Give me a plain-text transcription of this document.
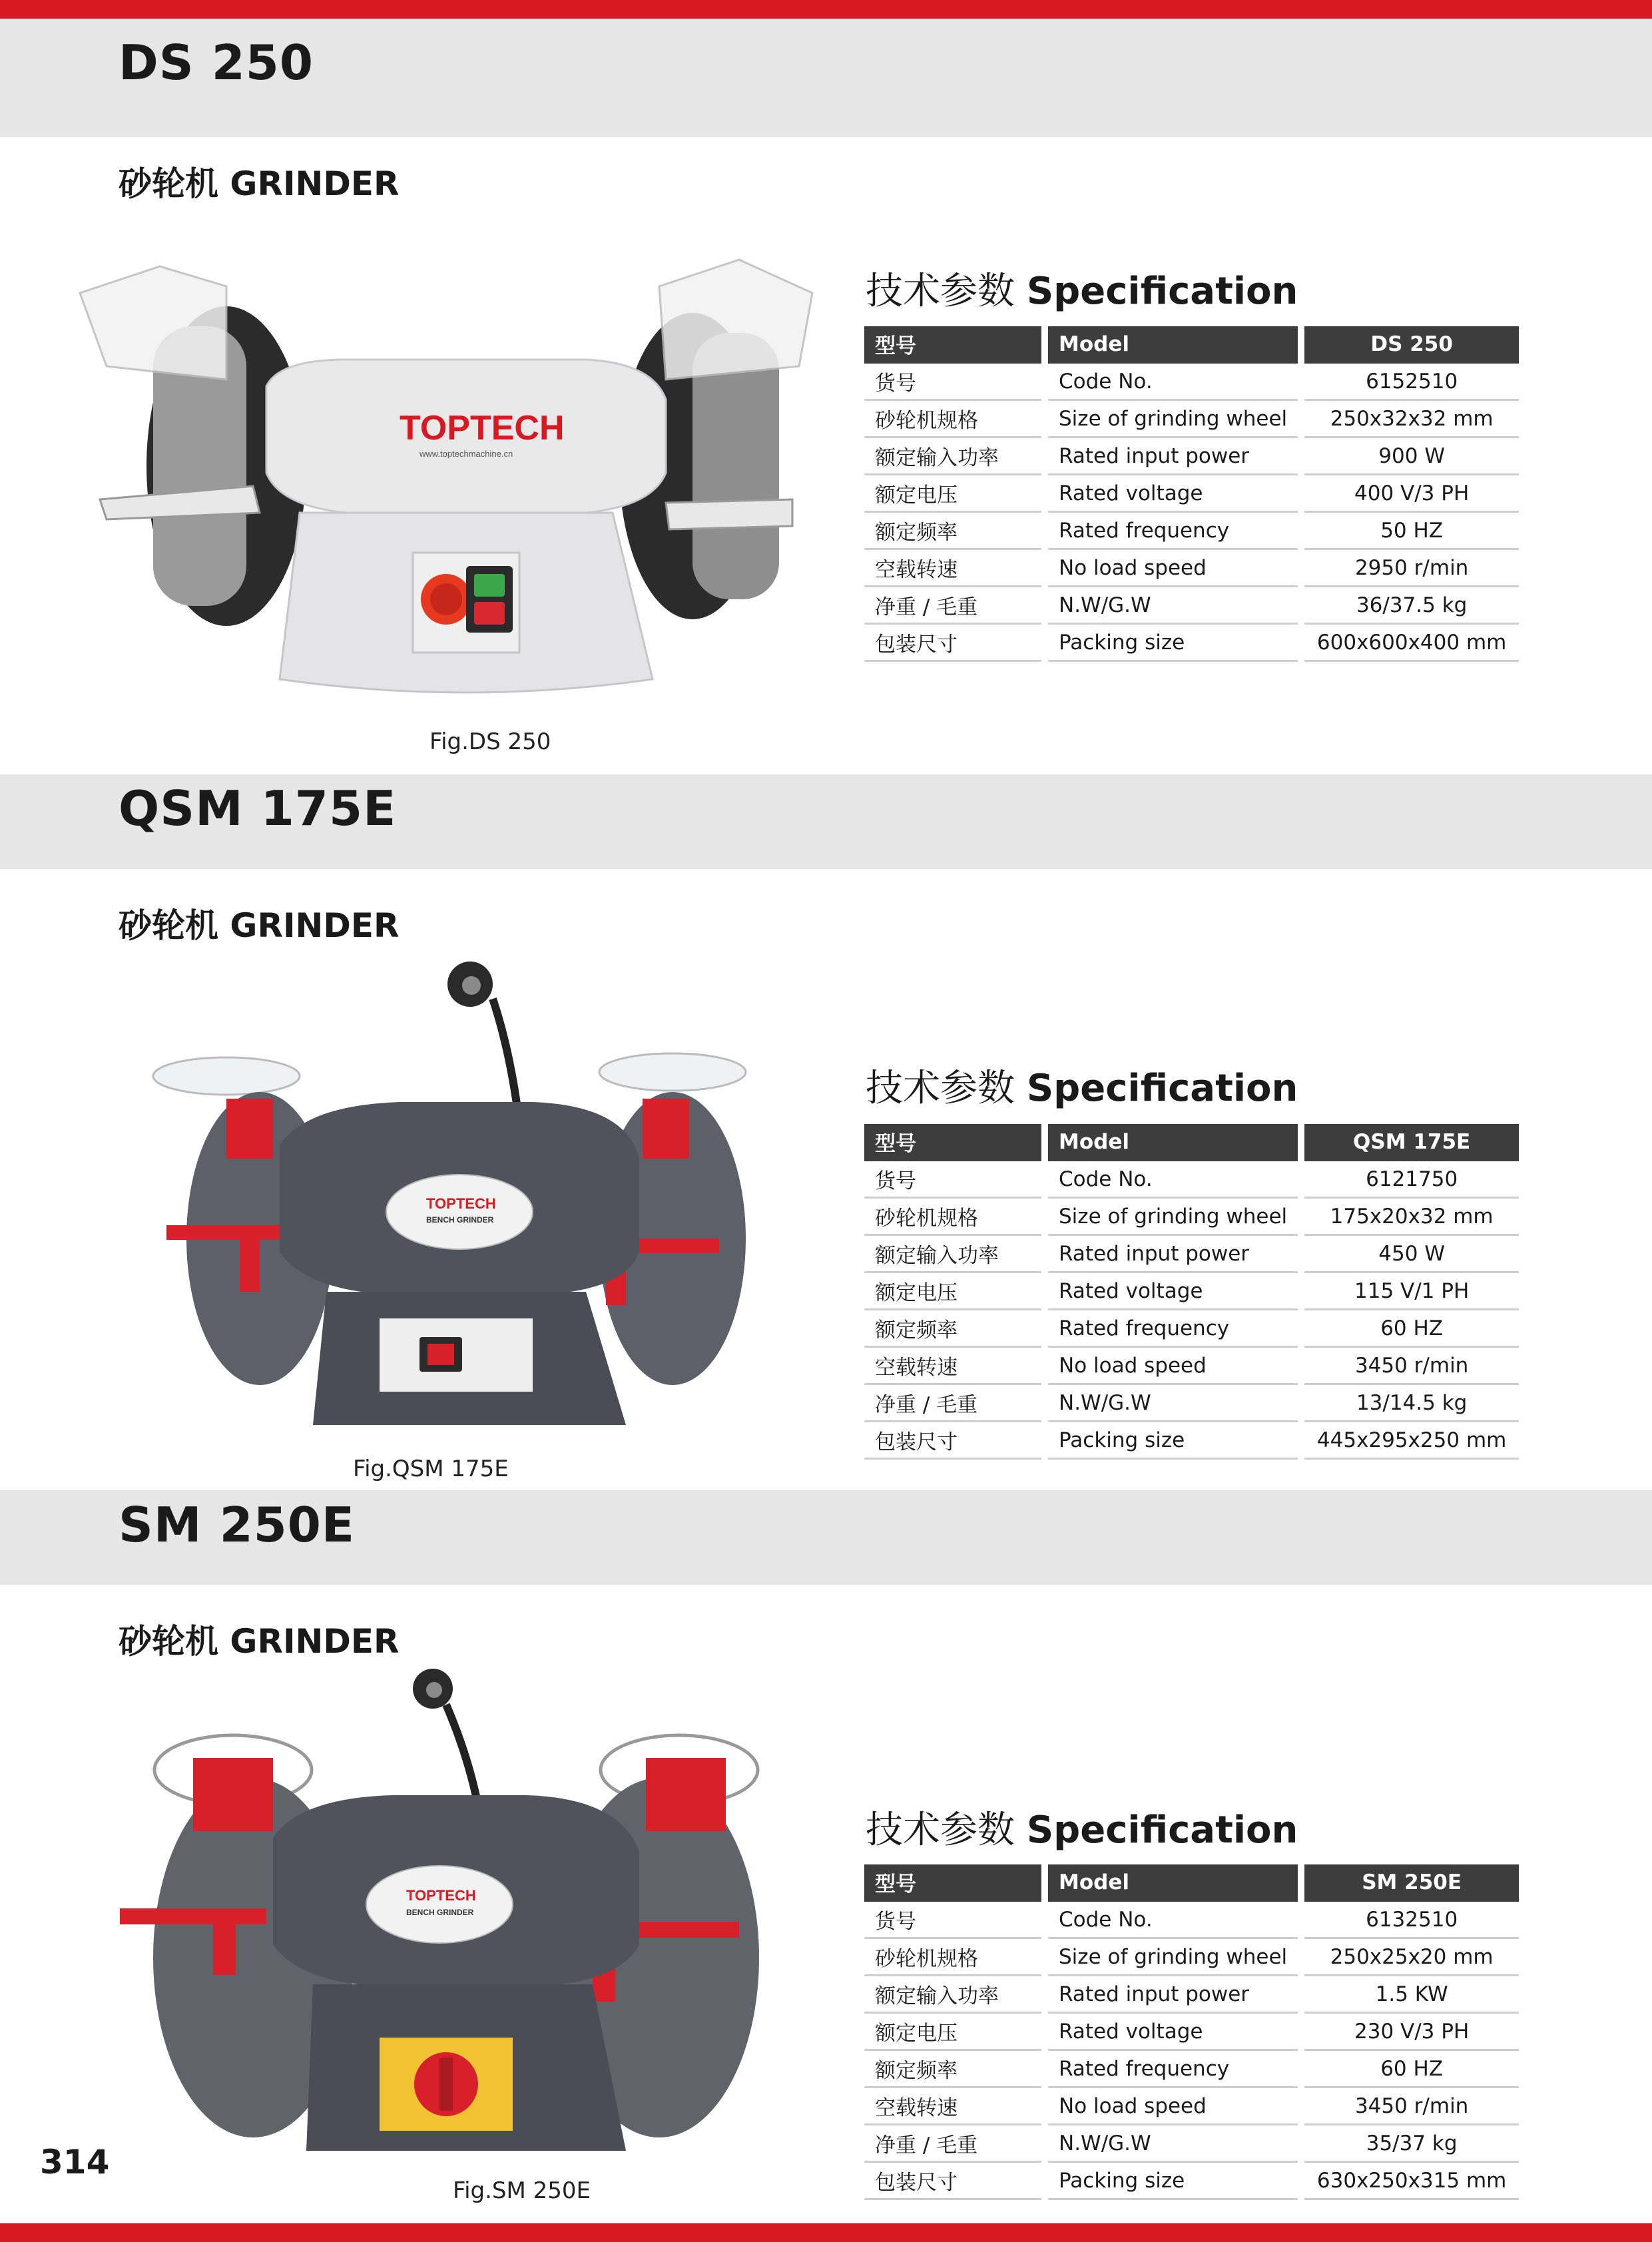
DS 250
砂轮机 GRINDER
TOPTECH
www.toptechmachine.cn
Fig.DS 250
技术参数 Specification
型号	Model	DS 250
货号	Code No.	6152510
砂轮机规格	Size of grinding wheel	250x32x32 mm
额定输入功率	Rated input power	900 W
额定电压	Rated voltage	400 V/3 PH
额定频率	Rated frequency	50 HZ
空载转速	No load speed	2950 r/min
净重 / 毛重	N.W/G.W	36/37.5 kg
包装尺寸	Packing size	600x600x400 mm
QSM 175E
砂轮机 GRINDER
TOPTECH
BENCH GRINDER
Fig.QSM 175E
技术参数 Specification
型号	Model	QSM 175E
货号	Code No.	6121750
砂轮机规格	Size of grinding wheel	175x20x32 mm
额定输入功率	Rated input power	450 W
额定电压	Rated voltage	115 V/1 PH
额定频率	Rated frequency	60 HZ
空载转速	No load speed	3450 r/min
净重 / 毛重	N.W/G.W	13/14.5 kg
包装尺寸	Packing size	445x295x250 mm
SM 250E
砂轮机 GRINDER
TOPTECH
BENCH GRINDER
Fig.SM 250E
技术参数 Specification
型号	Model	SM 250E
货号	Code No.	6132510
砂轮机规格	Size of grinding wheel	250x25x20 mm
额定输入功率	Rated input power	1.5 KW
额定电压	Rated voltage	230 V/3 PH
额定频率	Rated frequency	60 HZ
空载转速	No load speed	3450 r/min
净重 / 毛重	N.W/G.W	35/37 kg
包装尺寸	Packing size	630x250x315 mm
314
